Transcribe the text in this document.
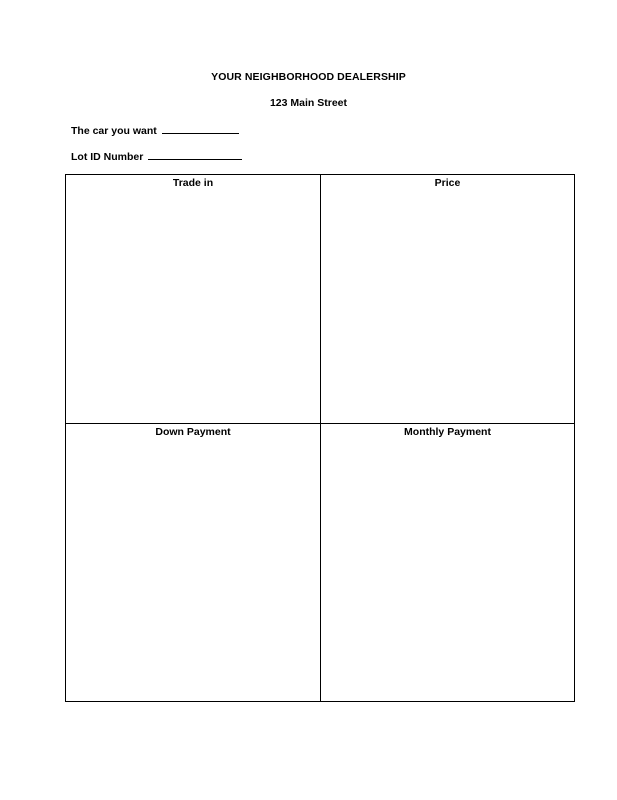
YOUR NEIGHBORHOOD DEALERSHIP
123 Main Street
The car you want
Lot ID Number
Trade in	Price
Down Payment	Monthly Payment
